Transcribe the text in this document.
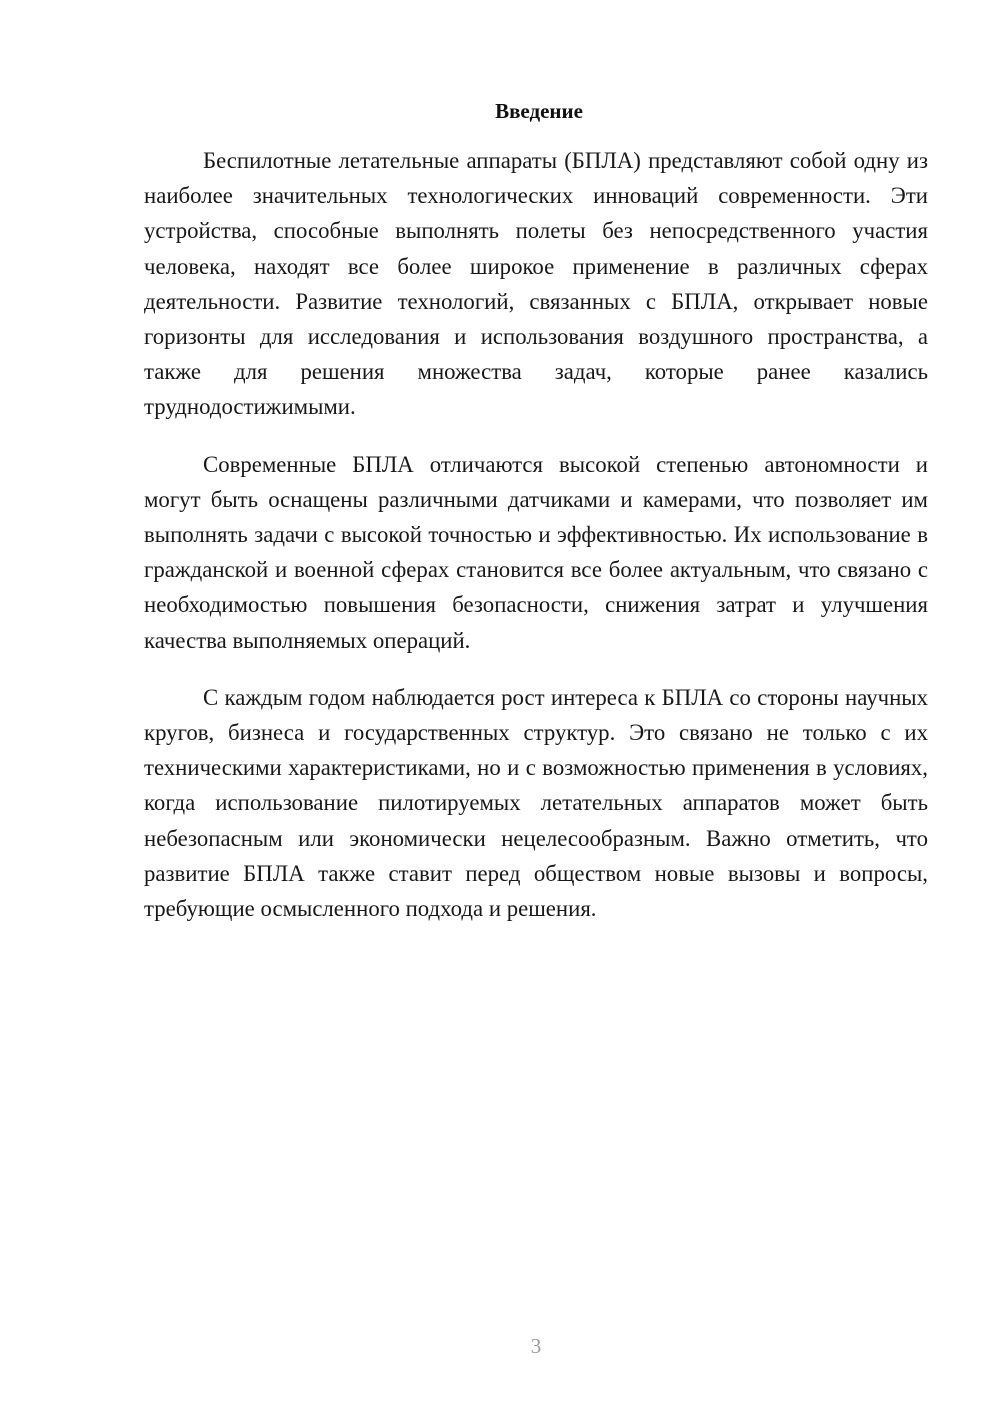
Введение

Беспилотные летательные аппараты (БПЛА) представляют собой одну из наиболее значительных технологических инноваций современности. Эти устройства, способные выполнять полеты без непосредственного участия человека, находят все более широкое применение в различных сферах деятельности. Развитие технологий, связанных с БПЛА, открывает новые горизонты для исследования и использования воздушного пространства, а также для решения множества задач, которые ранее казались труднодостижимыми.

Современные БПЛА отличаются высокой степенью автономности и могут быть оснащены различными датчиками и камерами, что позволяет им выполнять задачи с высокой точностью и эффективностью. Их использование в гражданской и военной сферах становится все более актуальным, что связано с необходимостью повышения безопасности, снижения затрат и улучшения качества выполняемых операций.

С каждым годом наблюдается рост интереса к БПЛА со стороны научных кругов, бизнеса и государственных структур. Это связано не только с их техническими характеристиками, но и с возможностью применения в условиях, когда использование пилотируемых летательных аппаратов может быть небезопасным или экономически нецелесообразным. Важно отметить, что развитие БПЛА также ставит перед обществом новые вызовы и вопросы, требующие осмысленного подхода и решения.

3
